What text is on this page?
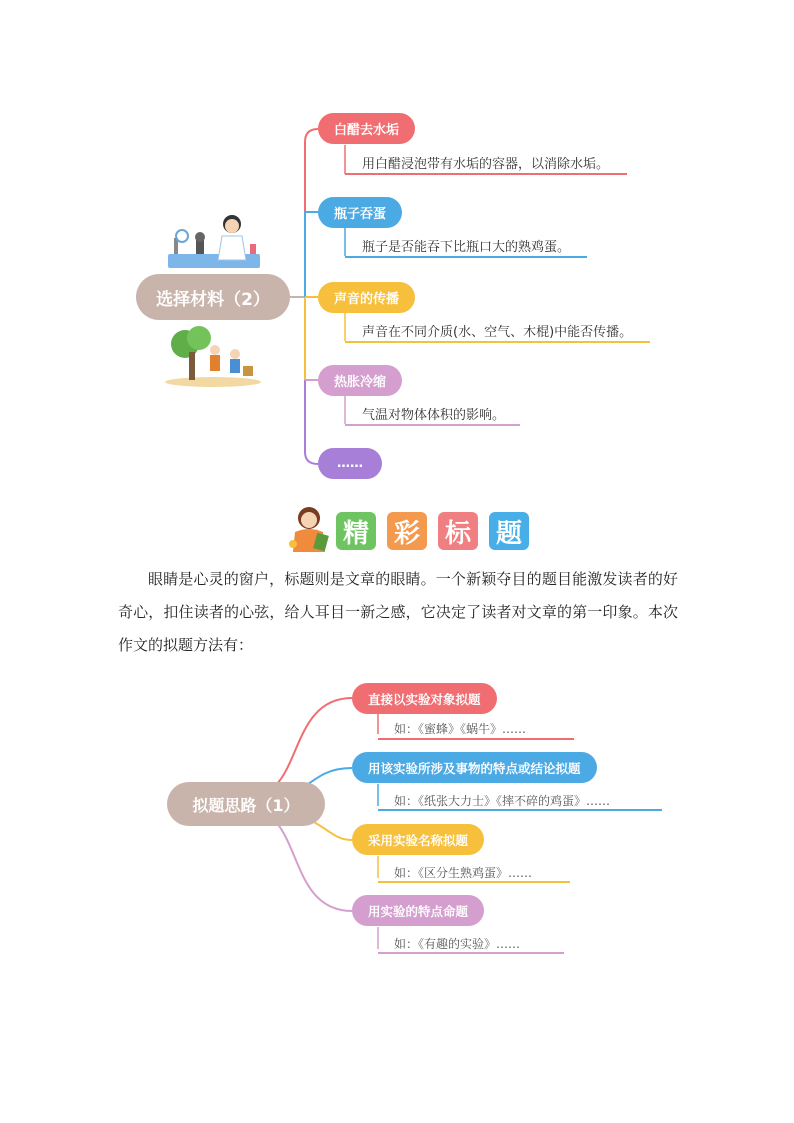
选择材料（2）
白醋去水垢
用白醋浸泡带有水垢的容器，以消除水垢。
瓶子吞蛋
瓶子是否能吞下比瓶口大的熟鸡蛋。
声音的传播
声音在不同介质(水、空气、木棍)中能否传播。
热胀冷缩
气温对物体体积的影响。
……
精 彩 标 题

眼睛是心灵的窗户，标题则是文章的眼睛。一个新颖夺目的题目能激发读者的好奇心，扣住读者的心弦，给人耳目一新之感，它决定了读者对文章的第一印象。本次作文的拟题方法有：

拟题思路（1）
直接以实验对象拟题
如：《蜜蜂》《蜗牛》……
用该实验所涉及事物的特点或结论拟题
如：《纸张大力士》《摔不碎的鸡蛋》……
采用实验名称拟题
如：《区分生熟鸡蛋》……
用实验的特点命题
如：《有趣的实验》……
